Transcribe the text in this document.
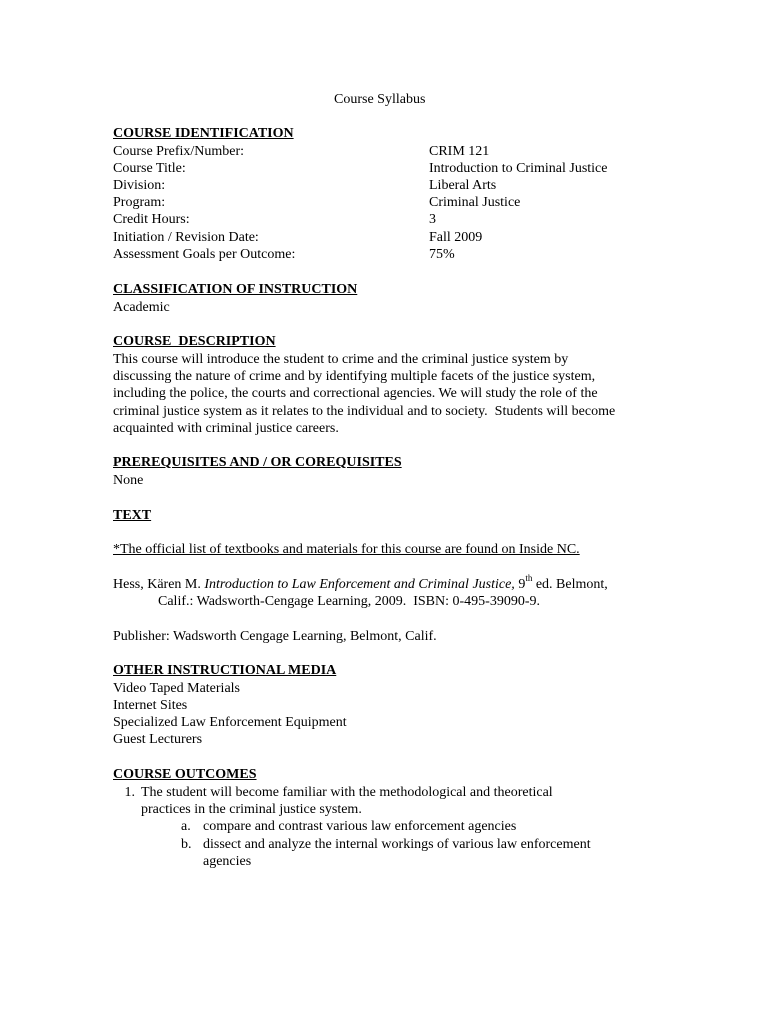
Course Syllabus
COURSE IDENTIFICATION
Course Prefix/Number:	CRIM 121
Course Title:	Introduction to Criminal Justice
Division:	Liberal Arts
Program:	Criminal Justice
Credit Hours:	3
Initiation / Revision Date:	Fall 2009
Assessment Goals per Outcome:	75%
CLASSIFICATION OF INSTRUCTION
Academic
COURSE  DESCRIPTION
This course will introduce the student to crime and the criminal justice system by
discussing the nature of crime and by identifying multiple facets of the justice system,
including the police, the courts and correctional agencies. We will study the role of the
criminal justice system as it relates to the individual and to society.  Students will become
acquainted with criminal justice careers.
PREREQUISITES AND / OR COREQUISITES
None
TEXT
*The official list of textbooks and materials for this course are found on Inside NC.
Hess, Kären M. Introduction to Law Enforcement and Criminal Justice, 9th ed. Belmont,
Calif.: Wadsworth-Cengage Learning, 2009.  ISBN: 0-495-39090-9.
Publisher: Wadsworth Cengage Learning, Belmont, Calif.
OTHER INSTRUCTIONAL MEDIA
Video Taped Materials
Internet Sites
Specialized Law Enforcement Equipment
Guest Lecturers
COURSE OUTCOMES
1. The student will become familiar with the methodological and theoretical
practices in the criminal justice system.
a. compare and contrast various law enforcement agencies
b. dissect and analyze the internal workings of various law enforcement
agencies
